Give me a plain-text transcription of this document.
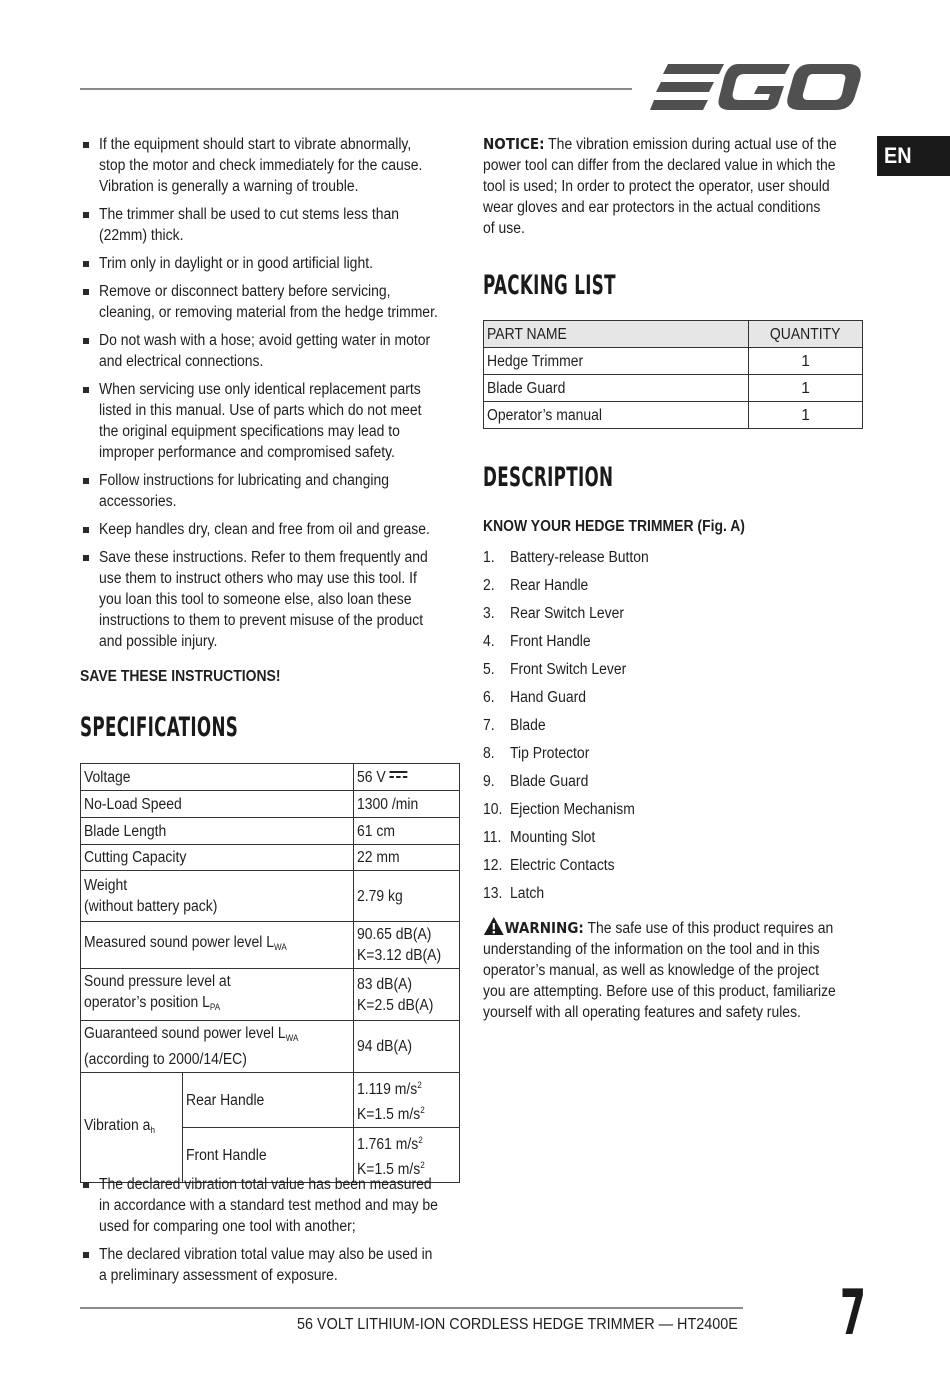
EN
If the equipment should start to vibrate abnormally,
stop the motor and check immediately for the cause.
Vibration is generally a warning of trouble.
The trimmer shall be used to cut stems less than
(22mm) thick.
Trim only in daylight or in good artificial light.
Remove or disconnect battery before servicing,
cleaning, or removing material from the hedge trimmer.
Do not wash with a hose; avoid getting water in motor
and electrical connections.
When servicing use only identical replacement parts
listed in this manual. Use of parts which do not meet
the original equipment specifications may lead to
improper performance and compromised safety.
Follow instructions for lubricating and changing
accessories.
Keep handles dry, clean and free from oil and grease.
Save these instructions. Refer to them frequently and
use them to instruct others who may use this tool. If
you loan this tool to someone else, also loan these
instructions to them to prevent misuse of the product
and possible injury.
SAVE THESE INSTRUCTIONS!
SPECIFICATIONS
Voltage		56 V
No-Load Speed		1300 /min
Blade Length		61 cm
Cutting Capacity		22 mm

Weight
(without battery pack)		2.79 kg
Measured sound power level $L_{WA}$		90.65 dB(A)
K=3.12 dB(A)

Sound pressure level at
operator’s position $L_{PA}$		83 dB(A)
K=2.5 dB(A)

Guaranteed sound power level $L_{WA}$
(according to 2000/14/EC)		94 dB(A)
Vibration $a_h$	Rear Handle	1.119 $m/s^2$
K=1.5 $m/s^2$

	Front Handle	1.761 $m/s^2$
K=1.5 $m/s^2$
The declared vibration total value has been measured
in accordance with a standard test method and may be
used for comparing one tool with another;
The declared vibration total value may also be used in
a preliminary assessment of exposure.
NOTICE: The vibration emission during actual use of the
power tool can differ from the declared value in which the
tool is used; In order to protect the operator, user should
wear gloves and ear protectors in the actual conditions
of use.
PACKING LIST
PART NAME	QUANTITY
Hedge Trimmer	1
Blade Guard	1
Operator’s manual	1
DESCRIPTION
KNOW YOUR HEDGE TRIMMER (Fig. A)
1. Battery-release Button
2. Rear Handle
3. Rear Switch Lever
4. Front Handle
5. Front Switch Lever
6. Hand Guard
7. Blade
8. Tip Protector
9. Blade Guard
10. Ejection Mechanism
11. Mounting Slot
12. Electric Contacts
13. Latch
WARNING: The safe use of this product requires an
understanding of the information on the tool and in this
operator’s manual, as well as knowledge of the project
you are attempting. Before use of this product, familiarize
yourself with all operating features and safety rules.
56 VOLT LITHIUM-ION CORDLESS HEDGE TRIMMER — HT2400E	7
